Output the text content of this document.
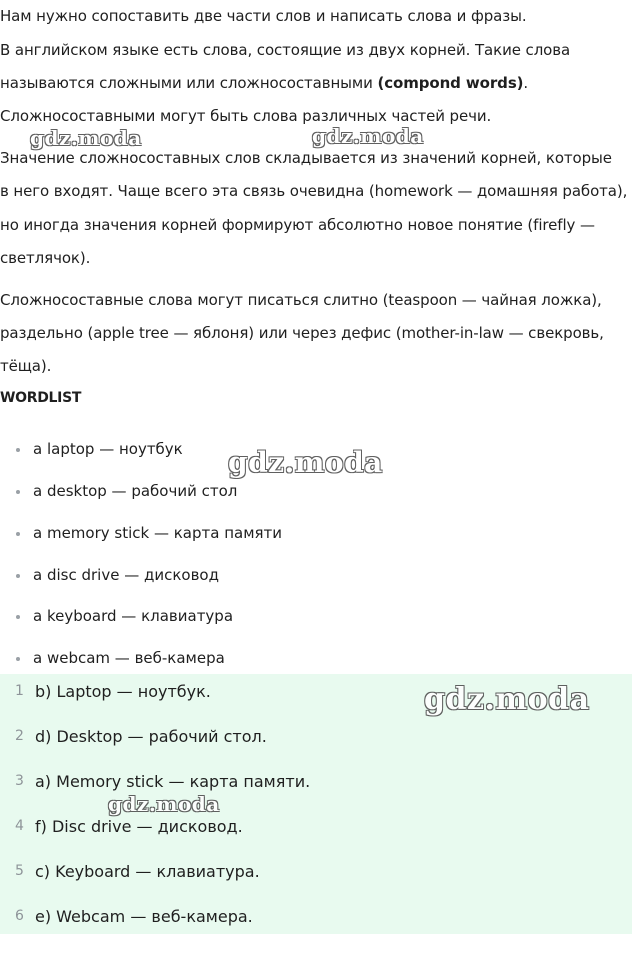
Нам нужно сопоставить две части слов и написать слова и фразы.

В английском языке есть слова, состоящие из двух корней. Такие слова

называются сложными или сложносоставными (compond words).

Сложносоставными могут быть слова различных частей речи.

Значение сложносоставных слов складывается из значений корней, которые

в него входят. Чаще всего эта связь очевидна (homework — домашняя работа),

но иногда значения корней формируют абсолютно новое понятие (firefly —

светлячок).

Сложносоставные слова могут писаться слитно (teaspoon — чайная ложка),

раздельно (apple tree — яблоня) или через дефис (mother-in-law — свекровь,

тёща).

WORDLIST

a laptop — ноутбук
a desktop — рабочий стол
a memory stick — карта памяти
a disc drive — дисковод
a keyboard — клавиатура
a webcam — веб-камера
1 b) Laptop — ноутбук.
2 d) Desktop — рабочий стол.
3 a) Memory stick — карта памяти.
4 f) Disc drive — дисковод.
5 c) Keyboard — клавиатура.
6 e) Webcam — веб-камера.
gdz.moda	gdz.moda
gdz.moda
gdz.moda
gdz.moda
